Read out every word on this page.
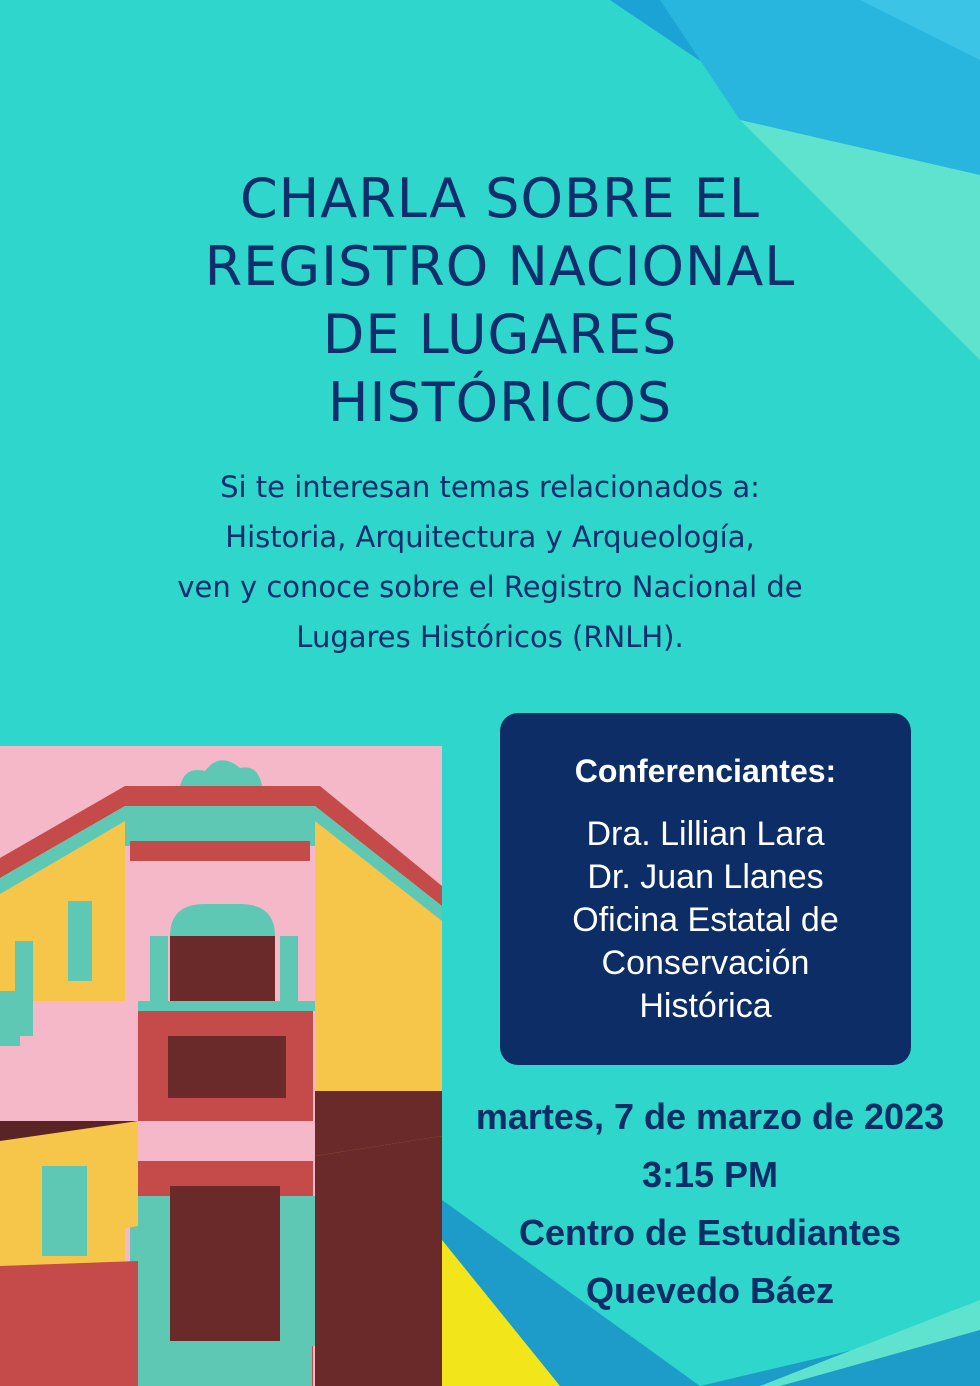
CHARLA SOBRE EL
REGISTRO NACIONAL
DE LUGARES
HISTÓRICOS
Si te interesan temas relacionados a:
Historia, Arquitectura y Arqueología,
ven y conoce sobre el Registro Nacional de
Lugares Históricos (RNLH).
Conferenciantes:
Dra. Lillian Lara
Dr. Juan Llanes
Oficina Estatal de
Conservación
Histórica
martes, 7 de marzo de 2023
3:15 PM
Centro de Estudiantes
Quevedo Báez
